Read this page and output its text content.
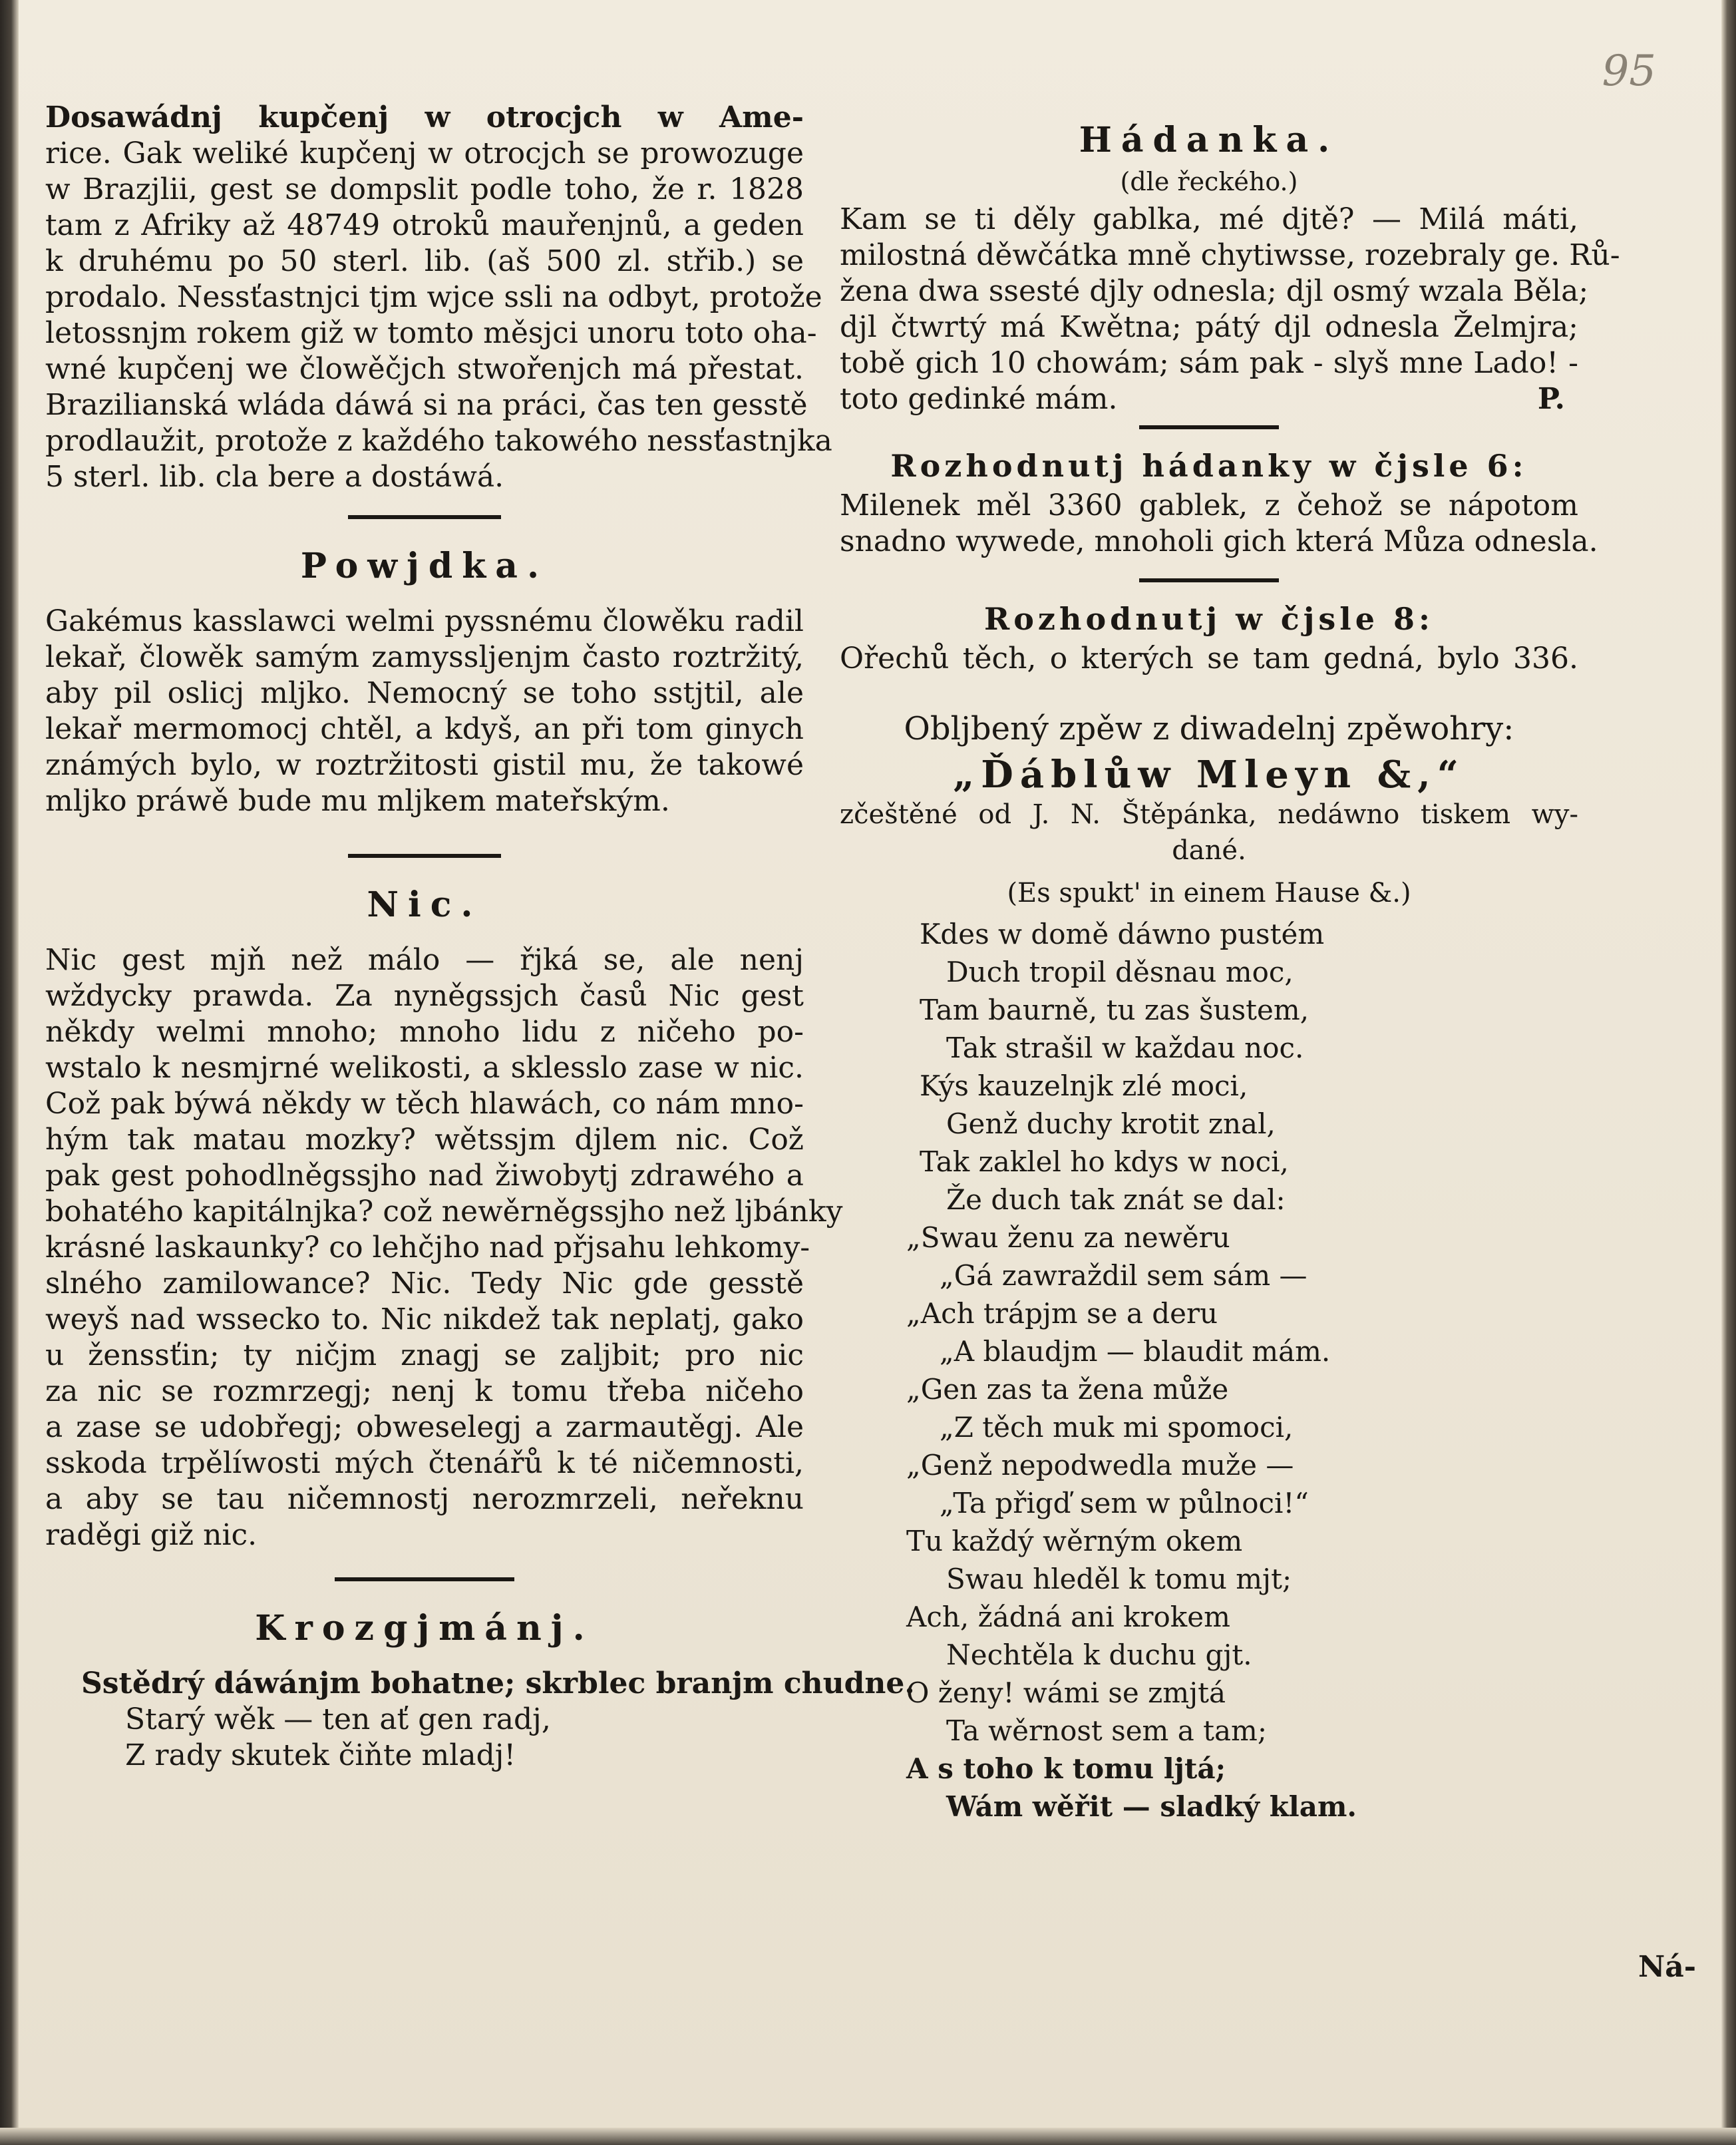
95
Dosawádnj kupčenj w otrocjch w Ame-
rice. Gak weliké kupčenj w otrocjch se prowozuge
w Brazjlii, gest se dompslit podle toho, že r. 1828
tam z Afriky až 48749 otroků mauřenjnů, a geden
k druhému po 50 sterl. lib. (aš 500 zl. střib.) se
prodalo. Nessťastnjci tjm wjce ssli na odbyt, protože
letossnjm rokem giž w tomto měsjci unoru toto oha-
wné kupčenj we člowěčjch stwořenjch má přestat.
Brazilianská wláda dáwá si na práci, čas ten gesstě
prodlaužit, protože z každého takowého nessťastnjka
5 sterl. lib. cla bere a dostáwá.
Powjdka.
Gakémus kasslawci welmi pyssnému člowěku radil
lekař, člowěk samým zamyssljenjm často roztržitý,
aby pil oslicj mljko. Nemocný se toho sstjtil, ale
lekař mermomocj chtěl, a kdyš, an při tom ginych
známých bylo, w roztržitosti gistil mu, že takowé
mljko práwě bude mu mljkem mateřským.
Nic.
Nic gest mjň než málo — řjká se, ale nenj
wždycky prawda. Za nyněgssjch časů Nic gest
někdy welmi mnoho; mnoho lidu z ničeho po-
wstalo k nesmjrné welikosti, a sklesslo zase w nic.
Což pak býwá někdy w těch hlawách, co nám mno-
hým tak matau mozky? wětssjm djlem nic. Což
pak gest pohodlněgssjho nad žiwobytj zdrawého a
bohatého kapitálnjka? což newěrněgssjho než ljbánky
krásné laskaunky? co lehčjho nad přjsahu lehkomy-
slného zamilowance? Nic. Tedy Nic gde gesstě
weyš nad wssecko to. Nic nikdež tak neplatj, gako
u ženssťin; ty ničjm znagj se zaljbit; pro nic
za nic se rozmrzegj; nenj k tomu třeba ničeho
a zase se udobřegj; obweselegj a zarmautěgj. Ale
sskoda trpělíwosti mých čtenářů k té ničemnosti,
a aby se tau ničemnostj nerozmrzeli, neřeknu
raděgi giž nic.
Krozgjmánj.
Sstědrý dáwánjm bohatne; skrblec branjm chudne.
Starý wěk — ten ať gen radj,
Z rady skutek čiňte mladj!
Hádanka.
(dle řeckého.)
Kam se ti děly gablka, mé djtě? — Milá máti,
milostná děwčátka mně chytiwsse, rozebraly ge. Rů-
žena dwa ssesté djly odnesla; djl osmý wzala Běla;
djl čtwrtý má Kwětna; pátý djl odnesla Želmjra;
tobě gich 10 chowám; sám pak - slyš mne Lado! -
toto gedinké mám.	P.
Rozhodnutj hádanky w čjsle 6:
Milenek měl 3360 gablek, z čehož se nápotom
snadno wywede, mnoholi gich která Můza odnesla.
Rozhodnutj w čjsle 8:
Ořechů těch, o kterých se tam gedná, bylo 336.
Obljbený zpěw z diwadelnj zpěwohry:
„Ďáblůw Mleyn &,“
zčeštěné od J. N. Štěpánka, nedáwno tiskem wy-
dané.
(Es spukt' in einem Hause &.)
Kdes w domě dáwno pustém
Duch tropil děsnau moc,
Tam baurně, tu zas šustem,
Tak strašil w každau noc.
Kýs kauzelnjk zlé moci,
Genž duchy krotit znal,
Tak zaklel ho kdys w noci,
Že duch tak znát se dal:
„Swau ženu za newěru
„Gá zawraždil sem sám —
„Ach trápjm se a deru
„A blaudjm — blaudit mám.
„Gen zas ta žena může
„Z těch muk mi spomoci,
„Genž nepodwedla muže —
„Ta přigď sem w půlnoci!“
Tu každý wěrným okem
Swau hleděl k tomu mjt;
Ach, žádná ani krokem
Nechtěla k duchu gjt.
O ženy! wámi se zmjtá
Ta wěrnost sem a tam;
A s toho k tomu ljtá;
Wám wěřit — sladký klam.
Ná-
